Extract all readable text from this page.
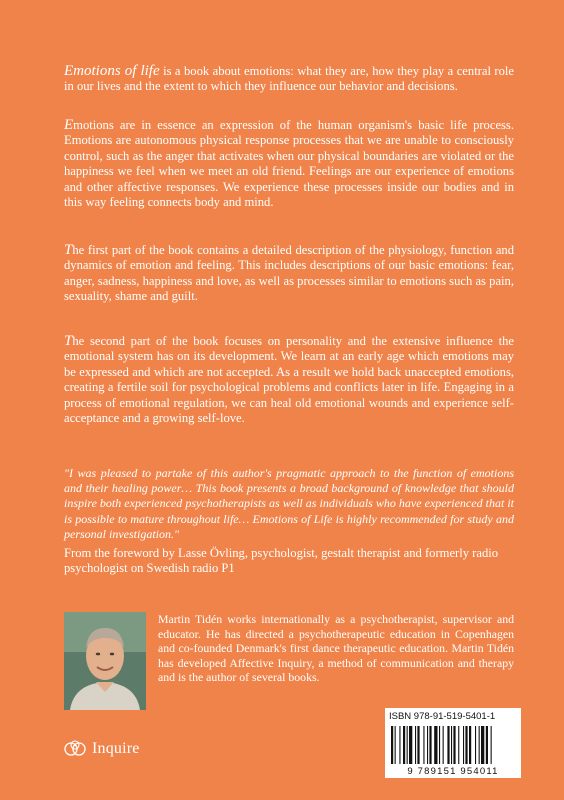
Emotions of life is a book about emotions: what they are, how they play a central role in our lives and the extent to which they influence our behavior and decisions.

Emotions are in essence an expression of the human organism's basic life process. Emotions are autonomous physical response processes that we are unable to consciously control, such as the anger that activates when our physical boundaries are violated or the happiness we feel when we meet an old friend. Feelings are our experience of emotions and other affective responses. We experience these processes inside our bodies and in this way feeling connects body and mind.

The first part of the book contains a detailed description of the physiology, function and dynamics of emotion and feeling. This includes descriptions of our basic emotions: fear, anger, sadness, happiness and love, as well as processes similar to emotions such as pain, sexuality, shame and guilt.

The second part of the book focuses on personality and the extensive influence the emotional system has on its development. We learn at an early age which emotions may be expressed and which are not accepted. As a result we hold back unaccepted emotions, creating a fertile soil for psychological problems and conflicts later in life. Engaging in a process of emotional regulation, we can heal old emotional wounds and experience self-acceptance and a growing self-love.

"I was pleased to partake of this author's pragmatic approach to the function of emotions and their healing power… This book presents a broad background of knowledge that should inspire both experienced psychotherapists as well as individuals who have experienced that it is possible to mature throughout life… Emotions of Life is highly recommended for study and personal investigation."

From the foreword by Lasse Övling, psychologist, gestalt therapist and formerly radio psychologist on Swedish radio P1

Martin Tidén works internationally as a psychotherapist, supervisor and educator. He has directed a psychotherapeutic education in Copenhagen and co-founded Denmark's first dance therapeutic education. Martin Tidén has developed Affective Inquiry, a method of communication and therapy and is the author of several books.

Inquire
ISBN 978-91-519-5401-1
9 789151 954011
